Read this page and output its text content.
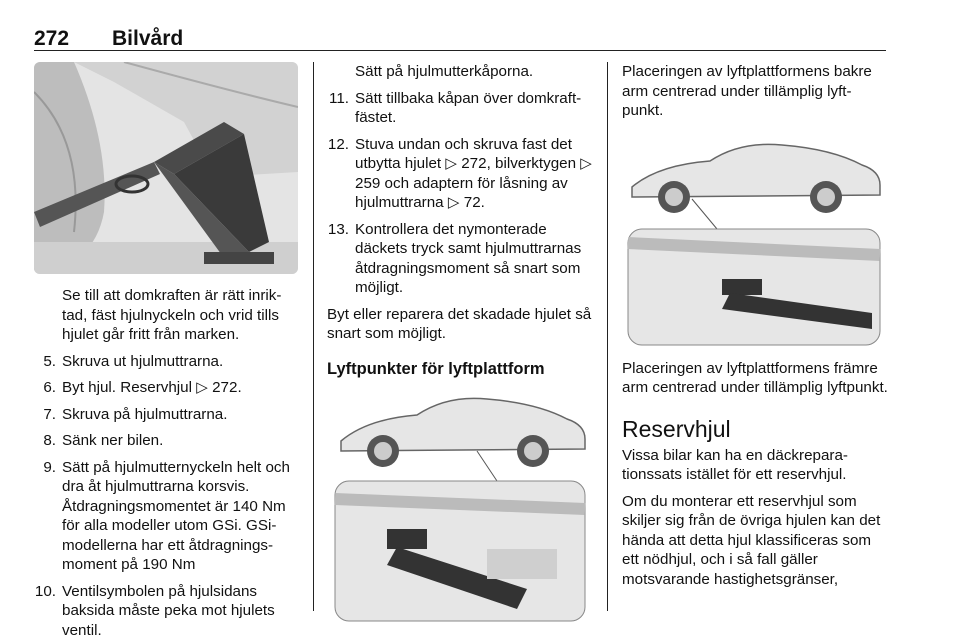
272 Bilvård

Se till att domkraften är rätt inrik-tad, fäst hjulnyckeln och vrid tills hjulet går fritt från marken.

5. Skruva ut hjulmuttrarna.
6. Byt hjul. Reservhjul ▷ 272.
7. Skruva på hjulmuttrarna.
8. Sänk ner bilen.
9. Sätt på hjulmutternyckeln helt och dra åt hjulmuttrarna korsvis. Åtdragningsmomentet är 140 Nm för alla modeller utom GSi. GSi-modellerna har ett åtdragnings-moment på 190 Nm
10. Ventilsymbolen på hjulsidans baksida måste peka mot hjulets ventil.

Sätt på hjulmutterkåporna.

11. Sätt tillbaka kåpan över domkraft-fästet.
12. Stuva undan och skruva fast det utbytta hjulet ▷ 272, bilverktygen ▷ 259 och adaptern för låsning av hjulmuttrarna ▷ 72.
13. Kontrollera det nymonterade däckets tryck samt hjulmuttrarnas åtdragningsmoment så snart som möjligt.

Byt eller reparera det skadade hjulet så snart som möjligt.

Lyftpunkter för lyftplattform

Placeringen av lyftplattformens bakre arm centrerad under tillämplig lyft-punkt.

Placeringen av lyftplattformens främre arm centrerad under tillämplig lyftpunkt.

Reservhjul

Vissa bilar kan ha en däckrepara-tionssats istället för ett reservhjul.

Om du monterar ett reservhjul som skiljer sig från de övriga hjulen kan det hända att detta hjul klassificeras som ett nödhjul, och i så fall gäller motsvarande hastighetsgränser,
